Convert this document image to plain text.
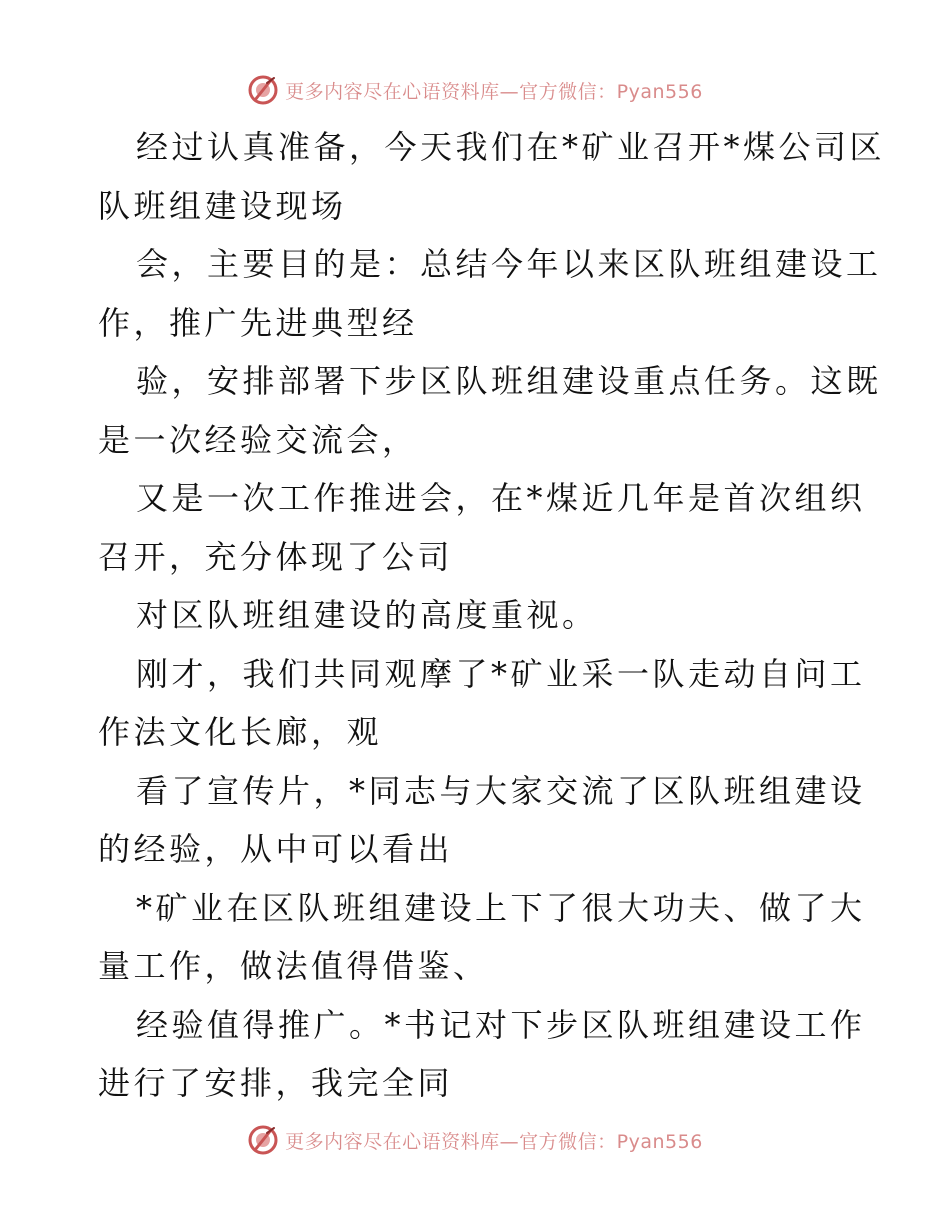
更多内容尽在心语资料库—官方微信：Pyan556

经过认真准备，今天我们在*矿业召开*煤公司区
队班组建设现场

会，主要目的是：总结今年以来区队班组建设工
作，推广先进典型经

验，安排部署下步区队班组建设重点任务。这既
是一次经验交流会，

又是一次工作推进会，在*煤近几年是首次组织
召开，充分体现了公司

对区队班组建设的高度重视。

刚才，我们共同观摩了*矿业采一队走动自问工
作法文化长廊，观

看了宣传片，*同志与大家交流了区队班组建设
的经验，从中可以看出

*矿业在区队班组建设上下了很大功夫、做了大
量工作，做法值得借鉴、

经验值得推广。*书记对下步区队班组建设工作
进行了安排，我完全同

更多内容尽在心语资料库—官方微信：Pyan556
